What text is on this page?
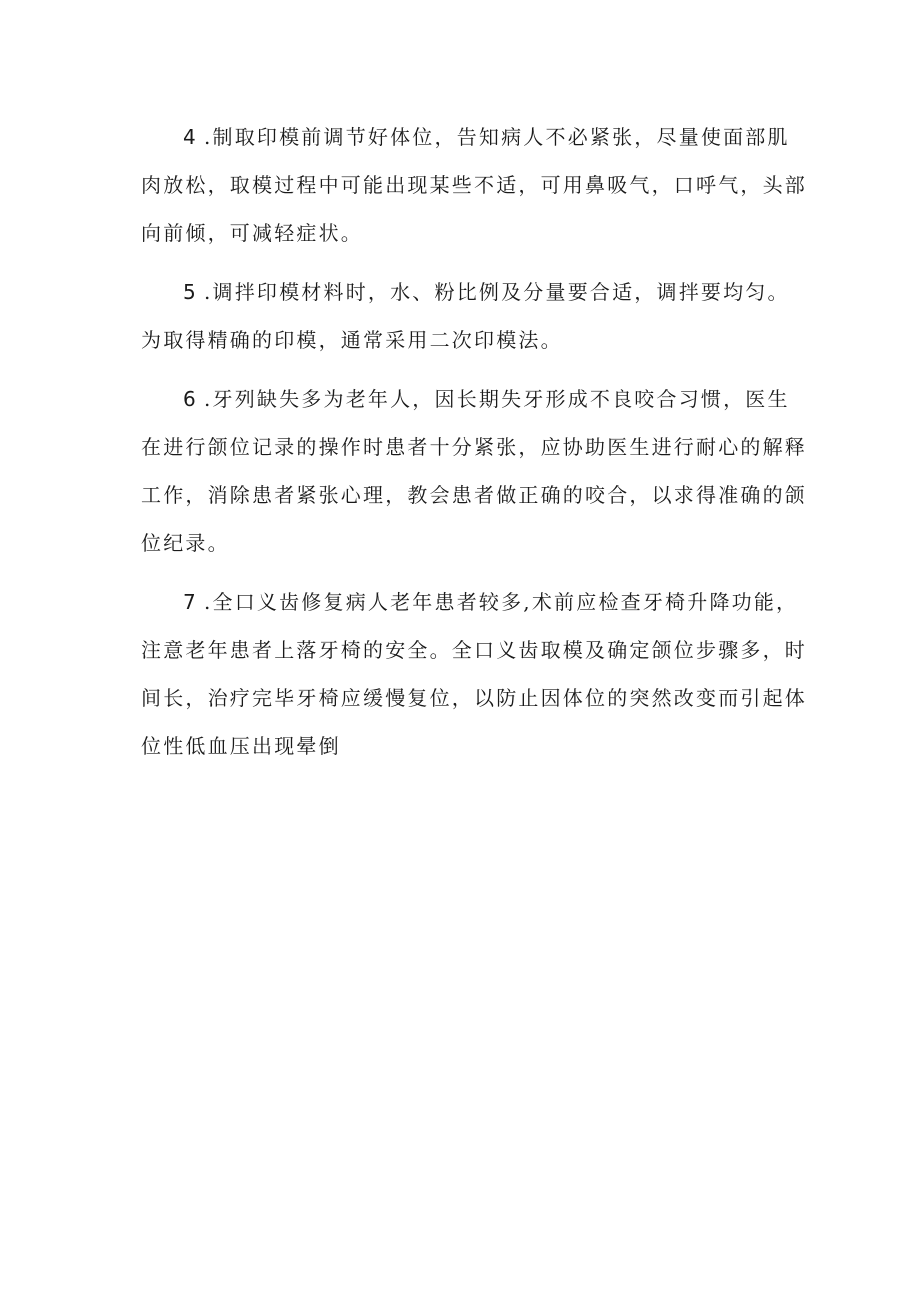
4 .制取印模前调节好体位，告知病人不必紧张，尽量使面部肌
肉放松，取模过程中可能出现某些不适，可用鼻吸气，口呼气，头部
向前倾，可减轻症状。
5 .调拌印模材料时，水、粉比例及分量要合适，调拌要均匀。
为取得精确的印模，通常采用二次印模法。
6 .牙列缺失多为老年人，因长期失牙形成不良咬合习惯，医生
在进行颌位记录的操作时患者十分紧张，应协助医生进行耐心的解释
工作，消除患者紧张心理，教会患者做正确的咬合，以求得准确的颌
位纪录。
7 .全口义齿修复病人老年患者较多,术前应检查牙椅升降功能，
注意老年患者上落牙椅的安全。全口义齿取模及确定颌位步骤多，时
间长，治疗完毕牙椅应缓慢复位，以防止因体位的突然改变而引起体
位性低血压出现晕倒
